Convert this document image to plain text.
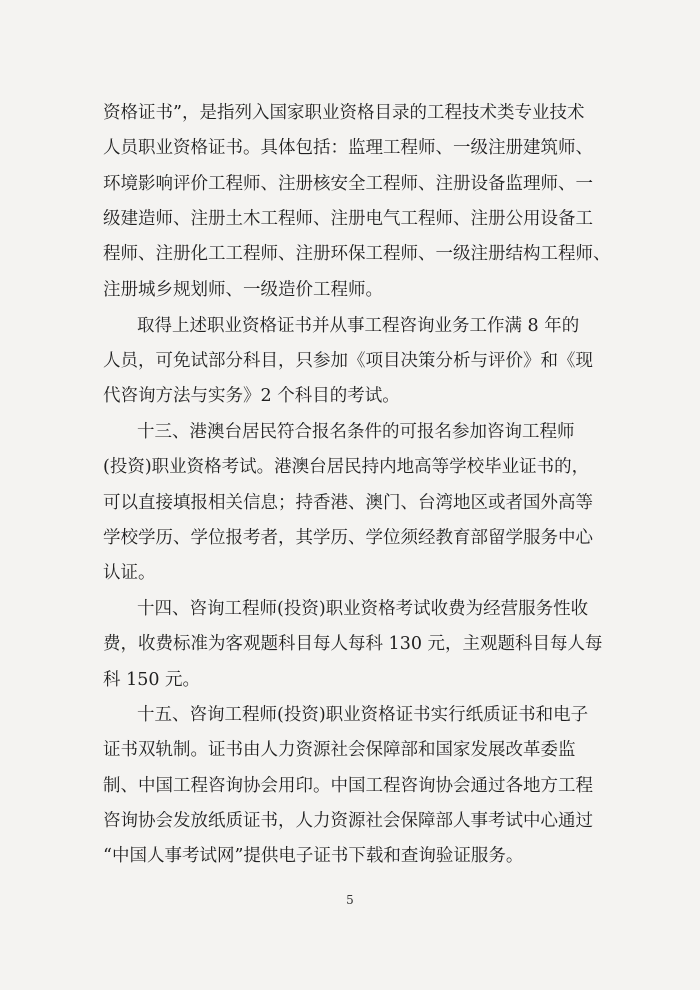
资格证书”，是指列入国家职业资格目录的工程技术类专业技术
人员职业资格证书。具体包括：监理工程师、一级注册建筑师、
环境影响评价工程师、注册核安全工程师、注册设备监理师、一
级建造师、注册土木工程师、注册电气工程师、注册公用设备工
程师、注册化工工程师、注册环保工程师、一级注册结构工程师、
注册城乡规划师、一级造价工程师。
取得上述职业资格证书并从事工程咨询业务工作满 8 年的
人员，可免试部分科目，只参加《项目决策分析与评价》和《现
代咨询方法与实务》2 个科目的考试。
十三、港澳台居民符合报名条件的可报名参加咨询工程师
(投资)职业资格考试。港澳台居民持内地高等学校毕业证书的，
可以直接填报相关信息；持香港、澳门、台湾地区或者国外高等
学校学历、学位报考者，其学历、学位须经教育部留学服务中心
认证。
十四、咨询工程师(投资)职业资格考试收费为经营服务性收
费，收费标准为客观题科目每人每科 130 元，主观题科目每人每
科 150 元。
十五、咨询工程师(投资)职业资格证书实行纸质证书和电子
证书双轨制。证书由人力资源社会保障部和国家发展改革委监
制、中国工程咨询协会用印。中国工程咨询协会通过各地方工程
咨询协会发放纸质证书，人力资源社会保障部人事考试中心通过
“中国人事考试网”提供电子证书下载和查询验证服务。
5
